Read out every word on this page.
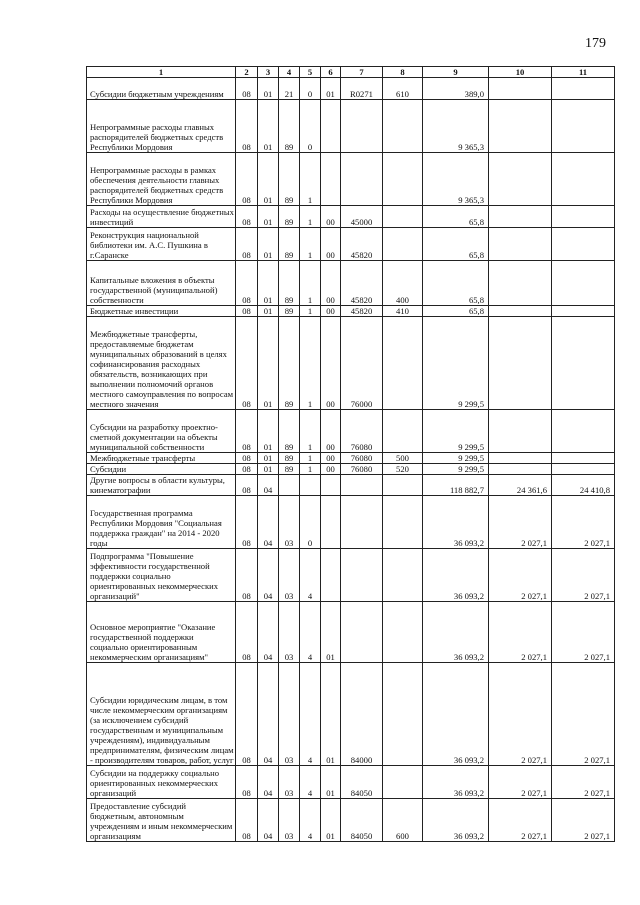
179
1	2	3	4	5	6	7	8	9	10	11
Субсидии бюджетным учреждениям	08	01	21	0	01	R0271	610	389,0		
Непрограммные расходы главных распорядителей бюджетных средств Республики Мордовия	08	01	89	0				9 365,3		
Непрограммные расходы в рамках обеспечения деятельности главных распорядителей бюджетных средств Республики Мордовия	08	01	89	1				9 365,3		
Расходы на осуществление бюджетных инвестиций	08	01	89	1	00	45000		65,8		
Реконструкция национальной библиотеки им. А.С. Пушкина в г.Саранске	08	01	89	1	00	45820		65,8		
Капитальные вложения в объекты государственной (муниципальной) собственности	08	01	89	1	00	45820	400	65,8		
Бюджетные инвестиции	08	01	89	1	00	45820	410	65,8		
Межбюджетные трансферты, предоставляемые бюджетам муниципальных образований в целях софинансирования расходных обязательств, возникающих при выполнении полномочий органов местного самоуправления по вопросам местного значения	08	01	89	1	00	76000		9 299,5		
Субсидии на разработку проектно-сметной документации на объекты муниципальной собственности	08	01	89	1	00	76080		9 299,5		
Межбюджетные трансферты	08	01	89	1	00	76080	500	9 299,5		
Субсидии	08	01	89	1	00	76080	520	9 299,5		
Другие вопросы в области культуры, кинематографии	08	04						118 882,7	24 361,6	24 410,8
Государственная программа Республики Мордовия "Социальная поддержка граждан" на 2014 - 2020 годы	08	04	03	0				36 093,2	2 027,1	2 027,1
Подпрограмма "Повышение эффективности государственной поддержки социально ориентированных некоммерческих организаций"	08	04	03	4				36 093,2	2 027,1	2 027,1
Основное мероприятие "Оказание государственной поддержки социально ориентированным некоммерческим организациям"	08	04	03	4	01			36 093,2	2 027,1	2 027,1
Субсидии юридическим лицам, в том числе некоммерческим организациям (за исключением субсидий государственным и муниципальным учреждениям), индивидуальным предпринимателям, физическим лицам - производителям товаров, работ, услуг	08	04	03	4	01	84000		36 093,2	2 027,1	2 027,1
Субсидии на поддержку социально ориентированных некоммерческих организаций	08	04	03	4	01	84050		36 093,2	2 027,1	2 027,1
Предоставление субсидий бюджетным, автономным учреждениям и иным некоммерческим организациям	08	04	03	4	01	84050	600	36 093,2	2 027,1	2 027,1
